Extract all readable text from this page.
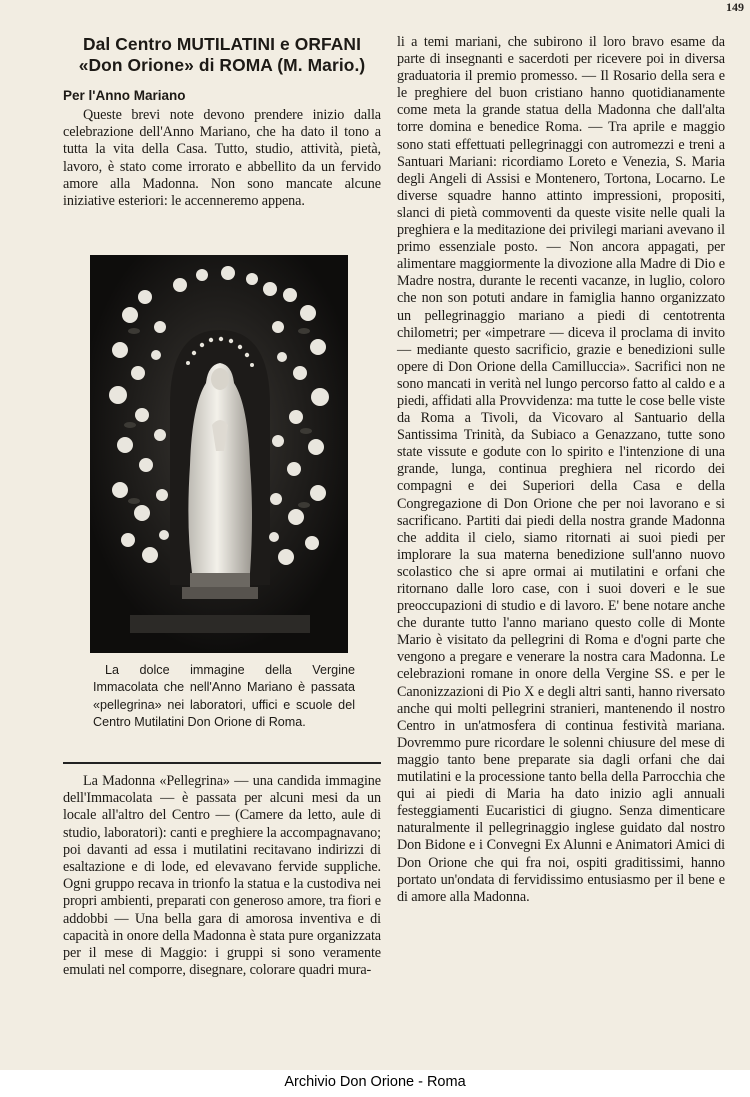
149
Dal Centro MUTILATINI e ORFANI
«Don Orione» di ROMA (M. Mario.)
Per l'Anno Mariano

Queste brevi note devono prendere inizio dalla celebrazione dell'Anno Mariano, che ha dato il tono a tutta la vita della Casa. Tutto, studio, attività, pietà, lavoro, è stato come irrorato e abbellito da un fervido amore alla Madonna. Non sono mancate alcune iniziative esteriori: le accenneremo appena.

La dolce immagine della Vergine Immacolata che nell'Anno Mariano è passata «pellegrina» nei laboratori, uffici e scuole del Centro Mutilatini Don Orione di Roma.

La Madonna «Pellegrina» — una candida immagine dell'Immacolata — è passata per alcuni mesi da un locale all'altro del Centro — (Camere da letto, aule di studio, laboratori): canti e preghiere la accompagnavano; poi davanti ad essa i mutilatini recitavano indirizzi di esaltazione e di lode, ed elevavano fervide suppliche. Ogni gruppo recava in trionfo la statua e la custodiva nei propri ambienti, preparati con generoso amore, tra fiori e addobbi — Una bella gara di amorosa inventiva e di capacità in onore della Madonna è stata pure organizzata per il mese di Maggio: i gruppi si sono veramente emulati nel comporre, disegnare, colorare quadri mura-

li a temi mariani, che subirono il loro bravo esame da parte di insegnanti e sacerdoti per ricevere poi in diversa graduatoria il premio promesso. — Il Rosario della sera e le preghiere del buon cristiano hanno quotidianamente come meta la grande statua della Madonna che dall'alta torre domina e benedice Roma. — Tra aprile e maggio sono stati effettuati pellegrinaggi con autromezzi e treni a Santuari Mariani: ricordiamo Loreto e Venezia, S. Maria degli Angeli di Assisi e Montenero, Tortona, Locarno. Le diverse squadre hanno attinto impressioni, propositi, slanci di pietà commoventi da queste visite nelle quali la preghiera e la meditazione dei privilegi mariani avevano il primo essenziale posto. — Non ancora appagati, per alimentare maggiormente la divozione alla Madre di Dio e Madre nostra, durante le recenti vacanze, in luglio, coloro che non son potuti andare in famiglia hanno organizzato un pellegrinaggio mariano a piedi di centotrenta chilometri; per «impetrare — diceva il proclama di invito — mediante questo sacrificio, grazie e benedizioni sulle opere di Don Orione della Camilluccia». Sacrifici non ne sono mancati in verità nel lungo percorso fatto al caldo e a piedi, affidati alla Provvidenza: ma tutte le cose belle viste da Roma a Tivoli, da Vicovaro al Santuario della Santissima Trinità, da Subiaco a Genazzano, tutte sono state vissute e godute con lo spirito e l'intenzione di una grande, lunga, continua preghiera nel ricordo dei compagni e dei Superiori della Casa e della Congregazione di Don Orione che per noi lavorano e si sacrificano. Partiti dai piedi della nostra grande Madonna che addita il cielo, siamo ritornati ai suoi piedi per implorare la sua materna benedizione sull'anno nuovo scolastico che si apre ormai ai mutilatini e orfani che ritornano dalle loro case, con i suoi doveri e le sue preoccupazioni di studio e di lavoro. E' bene notare anche che durante tutto l'anno mariano questo colle di Monte Mario è visitato da pellegrini di Roma e d'ogni parte che vengono a pregare e venerare la nostra cara Madonna. Le celebrazioni romane in onore della Vergine SS. e per le Canonizzazioni di Pio X e degli altri santi, hanno riversato anche qui molti pellegrini stranieri, mantenendo il nostro Centro in un'atmosfera di continua festività mariana. Dovremmo pure ricordare le solenni chiusure del mese di maggio tanto bene preparate sia dagli orfani che dai mutilatini e la processione tanto bella della Parrocchia che qui ai piedi di Maria ha dato inizio agli annuali festeggiamenti Eucaristici di giugno. Senza dimenticare naturalmente il pellegrinaggio inglese guidato dal nostro Don Bidone e i Convegni Ex Alunni e Animatori Amici di Don Orione che qui fra noi, ospiti graditissimi, hanno portato un'ondata di fervidissimo entusiasmo per il bene e di amore alla Madonna.

Archivio Don Orione - Roma
